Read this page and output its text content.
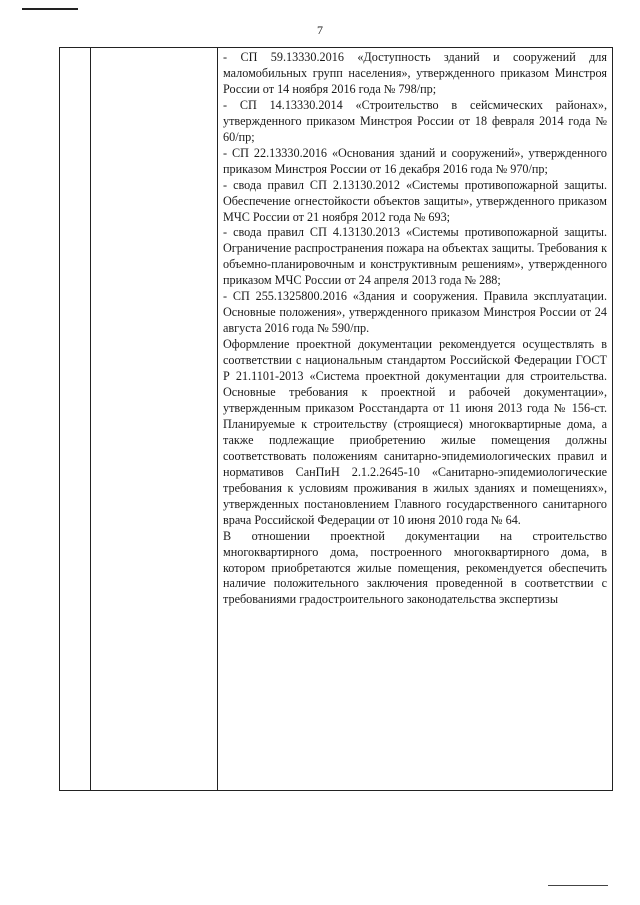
7

- СП 59.13330.2016 «Доступность зданий и сооружений для маломобильных групп населения», утвержденного приказом Минстроя России от 14 ноября 2016 года № 798/пр;

- СП 14.13330.2014 «Строительство в сейсмических районах», утвержденного приказом Минстроя России от 18 февраля 2014 года № 60/пр;

- СП 22.13330.2016 «Основания зданий и сооружений», утвержденного приказом Минстроя России от 16 декабря 2016 года № 970/пр;

- свода правил СП 2.13130.2012 «Системы противопожарной защиты. Обеспечение огнестойкости объектов защиты», утвержденного приказом МЧС России от 21 ноября 2012 года № 693;

- свода правил СП 4.13130.2013 «Системы противопожарной защиты. Ограничение распространения пожара на объектах защиты. Требования к объемно-планировочным и конструктивным решениям», утвержденного приказом МЧС России от 24 апреля 2013 года № 288;

- СП 255.1325800.2016 «Здания и сооружения. Правила эксплуатации. Основные положения», утвержденного приказом Минстроя России от 24 августа 2016 года № 590/пр.

Оформление проектной документации рекомендуется осуществлять в соответствии с национальным стандартом Российской Федерации ГОСТ Р 21.1101-2013 «Система проектной документации для строительства. Основные требования к проектной и рабочей документации», утвержденным приказом Росстандарта от 11 июня 2013 года № 156-ст. Планируемые к строительству (строящиеся) многоквартирные дома, а также подлежащие приобретению жилые помещения должны соответствовать положениям санитарно-эпидемиологических правил и нормативов СанПиН 2.1.2.2645-10 «Санитарно-эпидемиологические требования к условиям проживания в жилых зданиях и помещениях», утвержденных постановлением Главного государственного санитарного врача Российской Федерации от 10 июня 2010 года № 64.

В отношении проектной документации на строительство многоквартирного дома, построенного многоквартирного дома, в котором приобретаются жилые помещения, рекомендуется обеспечить наличие положительного заключения проведенной в соответствии с требованиями градостроительного законодательства экспертизы
